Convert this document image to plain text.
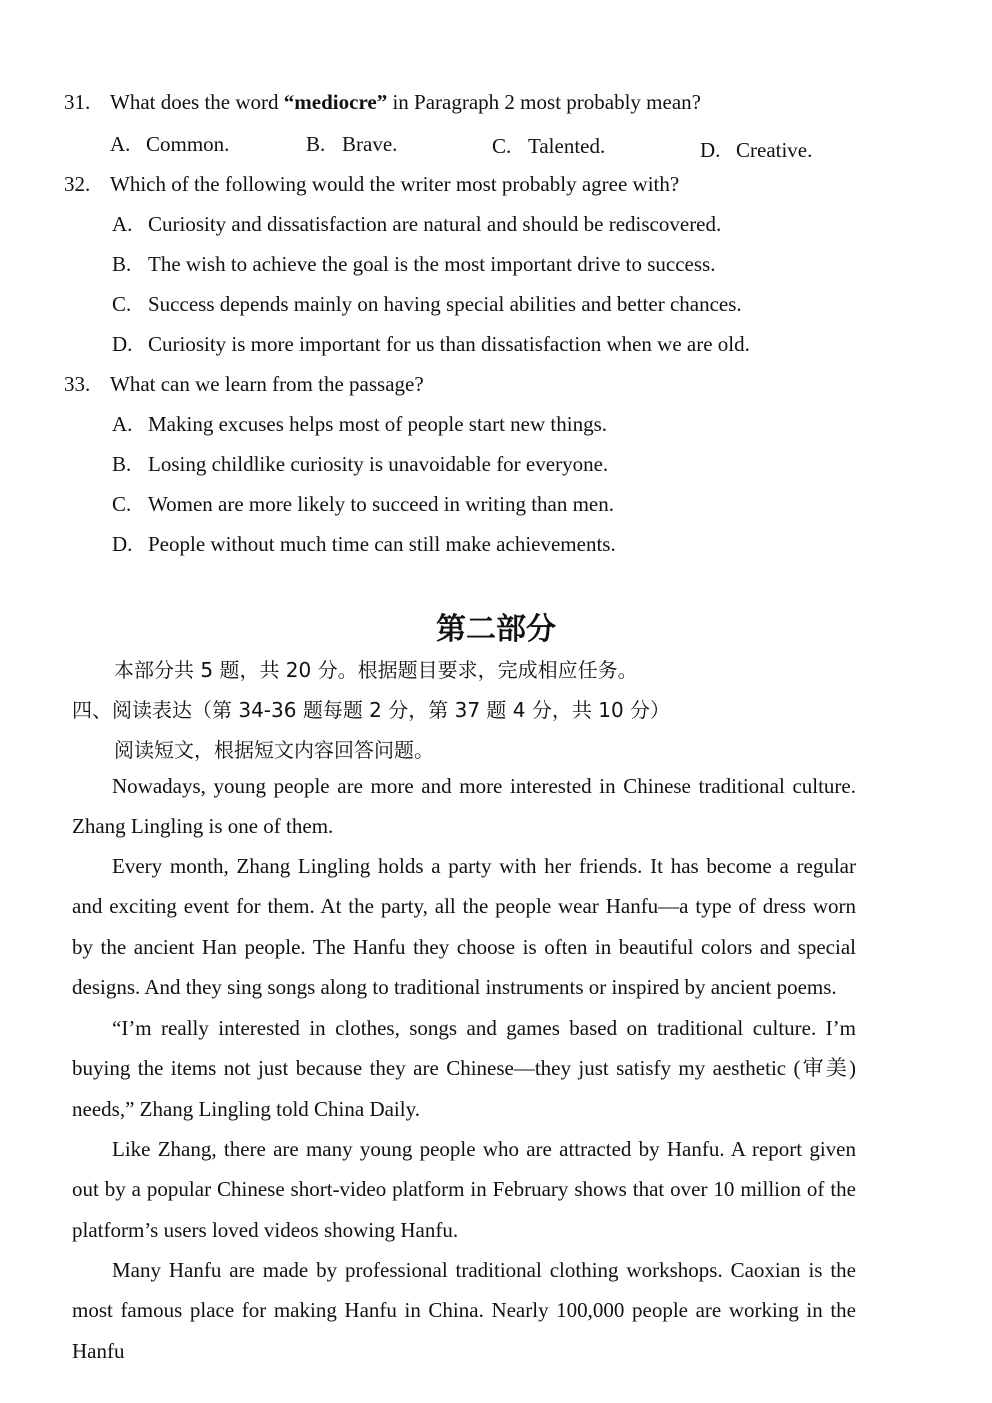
31. What does the word “mediocre” in Paragraph 2 most probably mean?
A. Common.	B. Brave.	C. Talented.	D. Creative.
32. Which of the following would the writer most probably agree with?
A. Curiosity and dissatisfaction are natural and should be rediscovered.
B. The wish to achieve the goal is the most important drive to success.
C. Success depends mainly on having special abilities and better chances.
D. Curiosity is more important for us than dissatisfaction when we are old.
33. What can we learn from the passage?
A. Making excuses helps most of people start new things.
B. Losing childlike curiosity is unavoidable for everyone.
C. Women are more likely to succeed in writing than men.
D. People without much time can still make achievements.
第二部分
本部分共 5 题，共 20 分。根据题目要求，完成相应任务。
四、阅读表达（第 34-36 题每题 2 分，第 37 题 4 分，共 10 分）
阅读短文，根据短文内容回答问题。
Nowadays, young people are more and more interested in Chinese traditional culture. Zhang Lingling is one of them.
Every month, Zhang Lingling holds a party with her friends. It has become a regular and exciting event for them. At the party, all the people wear Hanfu—a type of dress worn by the ancient Han people. The Hanfu they choose is often in beautiful colors and special designs. And they sing songs along to traditional instruments or inspired by ancient poems.
“I’m really interested in clothes, songs and games based on traditional culture. I’m buying the items not just because they are Chinese—they just satisfy my aesthetic (审美) needs,” Zhang Lingling told China Daily.
Like Zhang, there are many young people who are attracted by Hanfu. A report given out by a popular Chinese short-video platform in February shows that over 10 million of the platform’s users loved videos showing Hanfu.
Many Hanfu are made by professional traditional clothing workshops. Caoxian is the most famous place for making Hanfu in China. Nearly 100,000 people are working in the Hanfu
